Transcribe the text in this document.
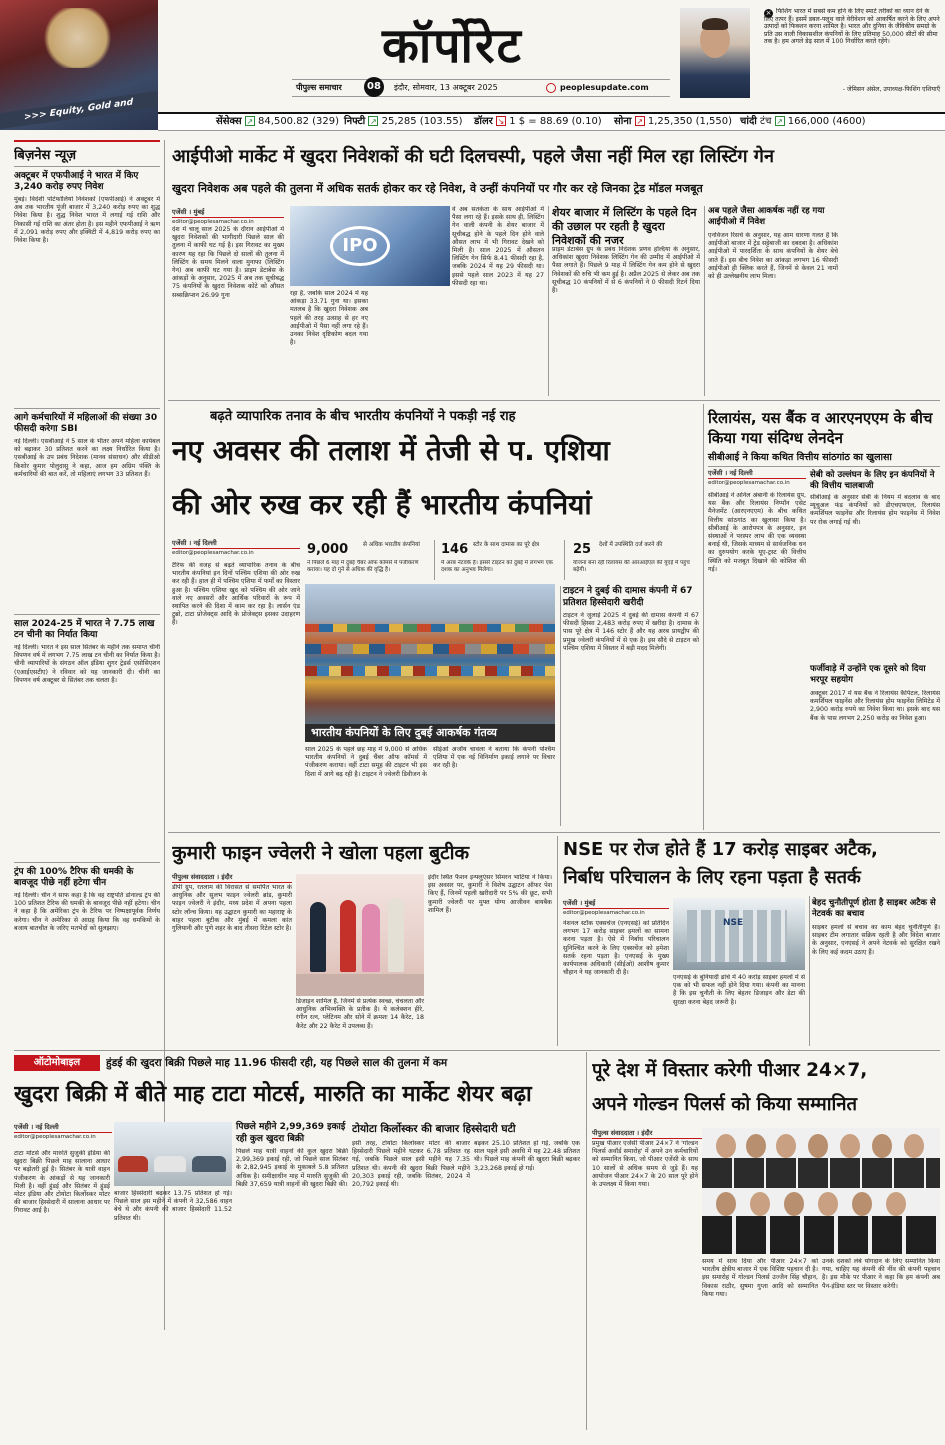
>>> Equity, Gold and
कॉर्पोरेट
पीपुल्स समाचार	08	इंदौर, सोमवार, 13 अक्टूबर 2025	peoplesupdate.com
× फिशिंग भारत में सबसे कम होने के लिए स्मार्ट तरीकों का ध्यान देने के लिए तत्पर हैं। इसमें डबल-फ्लूथ वाले वेरीवेशन को आकर्षित करने के लिए अपने उत्पादों को फिक्शन करना शामिल है। भारत और दुनिया के जैविकीय समग्रो के प्रति उस वाली विकासशील कंपनियों के लिए प्रतिमाह 50,000 सीटों की सीमा तक है। हम अगले डेढ़ साल में 100 निर्धारित करते रहेंगे।
- जेमिसन अंसेल, उपाध्यक्ष-फिशिंग एशियाएँ
सेंसेक्स ↗ 84,500.82 (329) निफ्टी ↗ 25,285 (103.55)	डॉलर ↘ 1 $ = 88.69 (0.10)	सोना ↗ 1,25,350 (1,550) चांदी टंच ↗ 166,000 (4600)
बिज़नेस न्यूज़
अक्टूबर में एफपीआई ने भारत में किए 3,240 करोड़ रुपए निवेश
मुंबई। विदेशी पोर्टफोलियो निवेशकों (एफपीआई) ने अक्टूबर में अब तक भारतीय पूंजी बाजार में 3,240 करोड़ रुपए का शुद्ध निवेश किया है। शुद्ध निवेश भारत में लगाई गई राशि और निकासी गई राशि का अंतर होता है। इस महीने एफपीआई ने ऋण में 2,091 करोड़ रुपए और इक्विटी में 4,819 करोड़ रुपए का निवेश किया है।
आगे कर्मचारियों में महिलाओं की संख्या 30 फीसदी करेगा SBI
नई दिल्ली। एसबीआई ने 5 साल के भीतर अपने महिला कार्यबल को बढ़ाकर 30 प्रतिशत करने का लक्ष्य निर्धारित किया है। एसबीआई के उप प्रबंध निदेशक (मानव संसाधन) और सीडीओ किशोर कुमार पोलुदासु ने कहा, आज हम अग्रिम पंक्ति के कर्मचारियों की बात करें, तो महिलाएं लगभग 33 प्रतिशत हैं।
साल 2024-25 में भारत ने 7.75 लाख टन चीनी का निर्यात किया
नई दिल्ली। भारत ने इस साल सितंबर के महीने तक समाप्त चीनी विपणन वर्ष में लगभग 7.75 लाख टन चीनी का निर्यात किया है। चीनी व्यापारियों के संगठन ऑल इंडिया शुगर ट्रेडर्स एसोसिएशन (एआईएसटीए) ने रविवार को यह जानकारी दी। चीनी का विपणन वर्ष अक्टूबर से सितंबर तक चलता है।
ट्रंप की 100% टैरिफ की धमकी के बावजूद पीछे नहीं हटेगा चीन
नई दिल्ली। चीन ने साफ कहा है कि वह राष्ट्रपति डोनाल्ड ट्रंप की 100 प्रतिशत टैरिफ की धमकी के बावजूद पीछे नहीं हटेगा। चीन ने कहा है कि अमेरिका ट्रंप के टैरिफ पर निष्पक्षापूर्वक निर्णय करेगा। चीन ने अमेरिका से आग्रह किया कि वह धमकियों के बजाय बातचीत के जरिए मतभेदों को सुलझाए।
आईपीओ मार्केट में खुदरा निवेशकों की घटी दिलचस्पी, पहले जैसा नहीं मिल रहा लिस्टिंग गेन
खुदरा निवेशक अब पहले की तुलना में अधिक सतर्क होकर कर रहे निवेश, वे उन्हीं कंपनियों पर गौर कर रहे जिनका ट्रेड मॉडल मजबूत
एजेंसी । मुंबई
editor@peoplesamachar.co.in
IPO
देश में चालू साल 2025 के दौरान आईपीओ में खुदरा निवेशकों की भागीदारी पिछले साल की तुलना में काफी घट गई है। इस गिरावट का मुख्य कारण यह रहा कि पिछले दो सालों की तुलना में लिस्टिंग के समय मिलने वाला मुनाफा (लिस्टिंग गेन) अब काफी घट गया है। प्राइम डेटाबेस के आंकड़ों के अनुसार, 2025 में अब तक सूचीबद्ध 75 कंपनियों के खुदरा निवेशक कोटे को औसत सब्सक्रिप्शन 26.99 गुना	रहा है, जबकि साल 2024 में यह आंकड़ा 33.71 गुना था। इसका मतलब है कि खुदरा निवेशक अब पहले की तरह उत्साह से हर नए आईपीओ में पैसा नहीं लगा रहे हैं। उनका निवेश दृष्टिकोण बदल गया है।
वे अब सतर्कता के साथ आईपीओ में पैसा लगा रहे हैं। इसके साथ ही, लिस्टिंग गेन वाली कंपनी के शेयर बाजार में सूचीबद्ध होने के पहले दिन होने वाले औसत लाभ में भी गिरावट देखने को मिली है। साल 2025 में औसतन लिस्टिंग गेन सिर्फ 8.41 फीसदी रहा है, जबकि 2024 में यह 29 फीसदी था। इससे पहले साल 2023 में यह 27 फीसदी रहा था।
शेयर बाजार में लिस्टिंग के पहले दिन की उछाल पर रहती है खुदरा निवेशकों की नजर
प्राइम डेटाबेस ग्रुप के प्रबंध निदेशक प्रणव हल्दिया के अनुसार, अधिकांश खुदरा निवेशक लिस्टिंग गेन की उम्मीद में आईपीओ में पैसा लगाते हैं। पिछले 9 माह में लिस्टिंग गेन कम होने से खुदरा निवेशकों की रुचि भी कम हुई है। अप्रैल 2025 से लेकर अब तक सूचीबद्ध 10 कंपनियों में से 6 कंपनियों ने 0 फीसदी रिटर्न दिया है।
अब पहले जैसा आकर्षक नहीं रह गया आईपीओ में निवेश
एनविजन रिसर्च के अनुसार, यह आम धारणा गलत है कि आईपीओ बाजार में ट्रेड सट्टेबाजी का दबदबा है। अधिकांश आईपीओ में पारदर्शिता के साथ कंपनियों के शेयर बेचे जाते हैं। इस बीच निवेश का आंकड़ा लगभग 16 फीसदी आईपीओ ही क्लिक करते हैं, जिनमें से केवल 21 नामों को ही उल्लेखनीय लाभ मिला।
बढ़ते व्यापारिक तनाव के बीच भारतीय कंपनियों ने पकड़ी नई राह
नए अवसर की तलाश में तेजी से प. एशिया
की ओर रुख कर रही हैं भारतीय कंपनियां
एजेंसी । नई दिल्ली
editor@peoplesamachar.co.in	9,000	से अधिक भारतीय कंपनियां
ने पिछले 6 माह में दुबई चैंबर ऑफ कॉमर्स में पंजीकरण कराया। यह दो गुने से अधिक की वृद्धि है।
146 स्टोर के साथ दामास का पूरे क्षेत्र
में अरब नेटवर्क है। इससे टाइटन को दुबई में लगभग एक दशक का अनुभव मिलेगा।
25 देशों में उपस्थिति दर्ज करने की
योजना बना रही रिलायंस की आरआईएल की यूएई में पहुंच बढ़ेगी।
टैरिफ की वजह से बढ़ते व्यापारिक तनाव के बीच भारतीय कंपनियां इन दिनों पश्चिम एशिया की ओर रुख कर रही हैं। हाल ही में पश्चिम एशिया में फर्मों का विस्तार हुआ है। पश्चिम एशिया खुद को पश्चिम की ओर जाने वाले नए अवसरों और आर्थिक परिवारों के रूप में स्थापित करने की दिशा में काम कर रहा है। लार्सन एंड टुब्रो, टाटा प्रोजेक्ट्स आदि के प्रोजेक्ट्स इसका उदाहरण हैं।
भारतीय कंपनियों के लिए दुबई आकर्षक गंतव्य
साल 2025 के पहले छह माह में 9,000 से अधिक भारतीय कंपनियों ने दुबई चैंबर ऑफ कॉमर्स में पंजीकरण कराया। वहीं टाटा समूह की टाइटन भी इस दिशा में आगे बढ़ रही है। टाइटन ने ज्वेलरी डिवीजन के सीईओ अजॉय चावला ने बताया कि कंपनी पश्चिम एशिया में एक नई विनिर्माण इकाई लगाने पर विचार कर रही है।
टाइटन ने दुबई की दामास कंपनी में 67 प्रतिशत हिस्सेदारी खरीदी
टाइटन ने जुलाई 2025 में दुबई की दामास कंपनी में 67 फीसदी हिस्सा 2,483 करोड़ रुपए में खरीदा है। दामास के पास पूरे क्षेत्र में 146 स्टोर हैं और यह अरब प्रायद्वीप की प्रमुख ज्वेलरी कंपनियों में से एक है। इस सौदे से टाइटन को पश्चिम एशिया में विस्तार में बड़ी मदद मिलेगी।
रिलायंस, यस बैंक व आरएनएएम के बीच किया गया संदिग्ध लेनदेन
सीबीआई ने किया कथित वित्तीय सांठगांठ का खुलासा
एजेंसी । नई दिल्ली
editor@peoplesamachar.co.in
सीबीआई ने अनिल अंबानी के रिलायंस ग्रुप, यस बैंक और रिलायंस निप्पॉन एसेट मैनेजमेंट (आरएनएएम) के बीच कथित वित्तीय सांठगांठ का खुलासा किया है। सीबीआई के आरोपपत्र के अनुसार, इन संस्थाओं ने परस्पर लाभ की एक व्यवस्था बनाई थी, जिसके माध्यम से सार्वजनिक धन का दुरुपयोग करके यूए-ट्रस्ट की वित्तीय स्थिति को मजबूत दिखाने की कोशिश की गई।
सेबी को उल्लंघन के लिए इन कंपनियों ने की वित्तीय चालबाजी
सीबीआई के अनुसार सेबी के नियम में बदलाव के बाद म्यूचुअल फंड कंपनियों को डीएचएफएल, रिलायंस कमर्शियल फाइनेंस और रिलायंस होम फाइनेंस में निवेश पर रोक लगाई गई थी।
फर्जीवाड़े में उन्होंने एक दूसरे को दिया भरपूर सहयोग
अक्टूबर 2017 में यस बैंक ने रिलायंस कैपिटल, रिलायंस कमर्शियल फाइनेंस और रिलायंस होम फाइनेंस लिमिटेड में 2,900 करोड़ रुपये का निवेश किया था। इसके बाद यस बैंक के पास लगभग 2,250 करोड़ का निवेश हुआ।
कुमारी फाइन ज्वेलरी ने खोला पहला बुटीक
पीपुल्स संवाददाता । इंदौर
डीपी ग्रुप, रतलाम की विरासत से समर्पित भारत के आधुनिक और सुलभ फाइन ज्वेलरी ब्रांड, कुमारी फाइन ज्वेलरी ने इंदौर, मध्य प्रदेश में अपना पहला स्टोर लॉन्च किया। यह उद्घाटन कुमारी का महाराष्ट्र के बाहर पहला बुटीक और मुंबई में कमला कांत गुलियानी और पुणे शहर के बाद तीसरा रिटेल स्टोर है।
डिजाइन शामिल हैं, जिनमें से प्रत्येक स्वच्छ, चंचलता और आधुनिक अभिव्यक्ति के प्रतीक है। ये कलेक्शन हीरे, रंगीन रत्न, प्लेटिनम और सोने में क्रमशः 14 कैरेट, 18 कैरेट और 22 कैरेट में उपलब्ध हैं।
इंदौर स्थित फैशन इन्फ्लुएंसर सिमरन भाटिया ने किया। इस अवसर पर, कुमारी ने विशेष उद्घाटन ऑफर पेश किए हैं, जिनमें पहली खरीदारी पर 5% की छूट, सभी कुमारी ज्वेलरी पर मुफ्त योग्य आजीवन बायबैक शामिल हैं।
NSE पर रोज होते हैं 17 करोड़ साइबर अटैक,
निर्बाध परिचालन के लिए रहना पड़ता है सतर्क
एजेंसी । मुंबई
editor@peoplesamachar.co.in
नेशनल स्टॉक एक्सचेंज (एनएसई) को प्रतिदिन लगभग 17 करोड़ साइबर हमलों का सामना करना पड़ता है। ऐसे में निर्बाध परिचालन सुनिश्चित करने के लिए एक्सचेंज को हमेशा सतर्क रहना पड़ता है। एनएसई के मुख्य कार्यपालक अधिकारी (सीईओ) आशीष कुमार चौहान ने यह जानकारी दी है।
NSE
एनएसई के बुनियादी ढांचे में 40 करोड़ साइबर हमलों में से एक को भी सफल नहीं होने दिया गया। कंपनी का मानना है कि इस चुनौती के लिए बेहतर डिजाइन और डेटा की सुरक्षा करना बेहद जरूरी है।
बेहद चुनौतीपूर्ण होता है साइबर अटैक से नेटवर्क का बचाव
साइबर हमलों से बचाव का काम बेहद चुनौतीपूर्ण है। साइबर टीम लगातार सक्रिय रहती है और विदेश बाजार के अनुसार, एनएसई ने अपने नेटवर्क को सुरक्षित रखने के लिए कई कदम उठाए हैं।
ऑटोमोबाइल	हुंडई की खुदरा बिक्री पिछले माह 11.96 फीसदी रही, यह पिछले साल की तुलना में कम
खुदरा बिक्री में बीते माह टाटा मोटर्स, मारुति का मार्केट शेयर बढ़ा
एजेंसी । नई दिल्ली
editor@peoplesamachar.co.in
टाटा मोटर्स और मारुति सुजुकी इंडिया की खुदरा बिक्री पिछले माह सालाना आधार पर बढ़ोतरी हुई है। सितंबर के यात्री वाहन पंजीकरण के आंकड़ों से यह जानकारी मिली है। वहीं हुंडई और सितंबर में हुंडई मोटर इंडिया और टोयोटा किर्लोस्कर मोटर की बाजार हिस्सेदारी में सालाना आधार पर गिरावट आई है।
बाजार हिस्सेदारी बढ़कर 13.75 प्रतिशत हो गई। पिछले साल इस महीने में कंपनी ने 32,586 वाहन बेचे थे और कंपनी की बाजार हिस्सेदारी 11.52 प्रतिशत थी।
पिछले महीने 2,99,369 इकाई रही कुल खुदरा बिक्री
पिछले माह यात्री वाहनों की कुल खुदरा बिक्री 2,99,369 इकाई रही, जो पिछले साल सितंबर के 2,82,945 इकाई के मुकाबले 5.8 प्रतिशत अधिक है। समीक्षाधीन माह में मारुति सुजुकी की बिक्री 37,659 यात्री वाहनों की खुदरा बिक्री की।
टोयोटा किर्लोस्कर की बाजार हिस्सेदारी घटी
इसी तरह, टोयोटा किर्लोस्कर मोटर की बाजार हिस्सेदारी पिछले महीने घटकर 6.78 प्रतिशत रह गई, जबकि पिछले साल इसी महीने यह 7.35 प्रतिशत थी। कंपनी की खुदरा बिक्री पिछले महीने 20,303 इकाई रही, जबकि सितंबर, 2024 में 20,792 इकाई थी।
बढ़कर 25.10 प्रतिशत हो गई, जबकि एक साल पहले इसी अवधि में यह 22.48 प्रतिशत थी। पिछले माह कंपनी की खुदरा बिक्री बढ़कर 3,23,268 इकाई हो गई।
पूरे देश में विस्तार करेगी पीआर 24×7,
अपने गोल्डन पिलर्स को किया सम्मानित
पीपुल्स संवाददाता । इंदौर
प्रमुख पीआर एजेंसी पीआर 24×7 ने 'गोल्डन पिलर्स अवॉर्ड समारोह' में अपने उन कर्मचारियों को सम्मानित किया, जो पीआर एजेंसी के साथ 10 सालों से अधिक समय से जुड़े हैं। यह आयोजन पीआर 24×7 के 20 साल पूरे होने के उपलक्ष्य में किया गया।
समय में साथ दिया और पीआर 24×7 को भारतीय क्षेत्रीय बाजार में एक विशिष्ट पहचान दी है। इस समारोह में गोल्डन पिलर्स उज्जैन सिंह चौहान, विकास राठौर, सुषमा गुप्ता आदि को सम्मानित किया गया।
उनके दशकों लंबे योगदान के लिए सम्मानित किया गया, चाहिए यह कंपनी की नींव की कंपनी पहचान है। इस मौके पर पीआर ने कहा कि हम कंपनी अब पैन-इंडिया स्तर पर विस्तार करेगी।
